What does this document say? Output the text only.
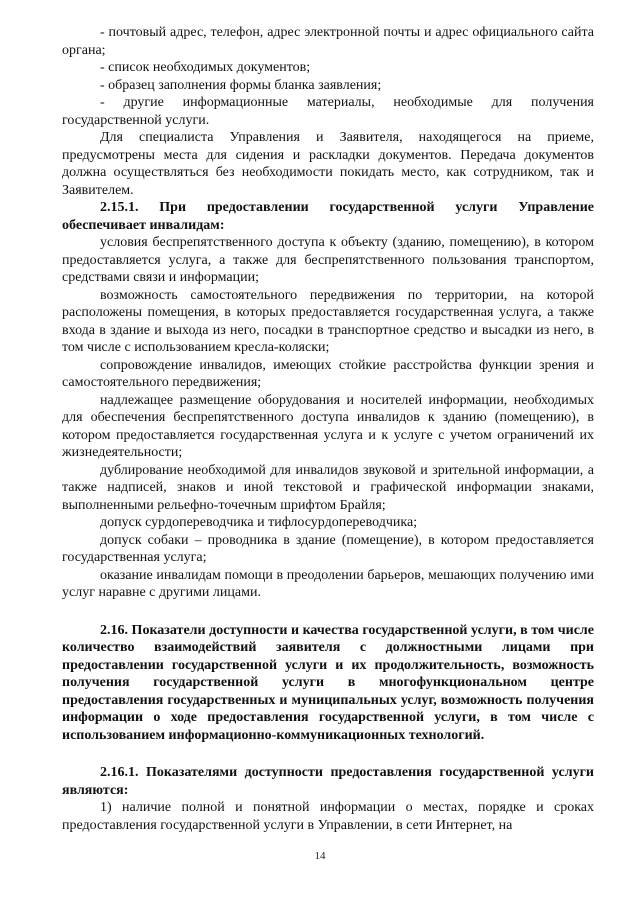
- почтовый адрес, телефон, адрес электронной почты и адрес официального сайта органа;

- список необходимых документов;

- образец заполнения формы бланка заявления;

- другие информационные материалы, необходимые для получения государственной услуги.

Для специалиста Управления и Заявителя, находящегося на приеме, предусмотрены места для сидения и раскладки документов. Передача документов должна осуществляться без необходимости покидать место, как сотрудником, так и Заявителем.

2.15.1. При предоставлении государственной услуги Управление обеспечивает инвалидам:

условия беспрепятственного доступа к объекту (зданию, помещению), в котором предоставляется услуга, а также для беспрепятственного пользования транспортом, средствами связи и информации;

возможность самостоятельного передвижения по территории, на которой расположены помещения, в которых предоставляется государственная услуга, а также входа в здание и выхода из него, посадки в транспортное средство и высадки из него, в том числе с использованием кресла-коляски;

сопровождение инвалидов, имеющих стойкие расстройства функции зрения и самостоятельного передвижения;

надлежащее размещение оборудования и носителей информации, необходимых для обеспечения беспрепятственного доступа инвалидов к зданию (помещению), в котором предоставляется государственная услуга и к услуге с учетом ограничений их жизнедеятельности;

дублирование необходимой для инвалидов звуковой и зрительной информации, а также надписей, знаков и иной текстовой и графической информации знаками, выполненными рельефно-точечным шрифтом Брайля;

допуск сурдопереводчика и тифлосурдопереводчика;

допуск собаки – проводника в здание (помещение), в котором предоставляется государственная услуга;

оказание инвалидам помощи в преодолении барьеров, мешающих получению ими услуг наравне с другими лицами.

2.16. Показатели доступности и качества государственной услуги, в том числе количество взаимодействий заявителя с должностными лицами при предоставлении государственной услуги и их продолжительность, возможность получения государственной услуги в многофункциональном центре предоставления государственных и муниципальных услуг, возможность получения информации о ходе предоставления государственной услуги, в том числе с использованием информационно-коммуникационных технологий.

2.16.1. Показателями доступности предоставления государственной услуги являются:

1) наличие полной и понятной информации о местах, порядке и сроках предоставления государственной услуги в Управлении, в сети Интернет, на

14
